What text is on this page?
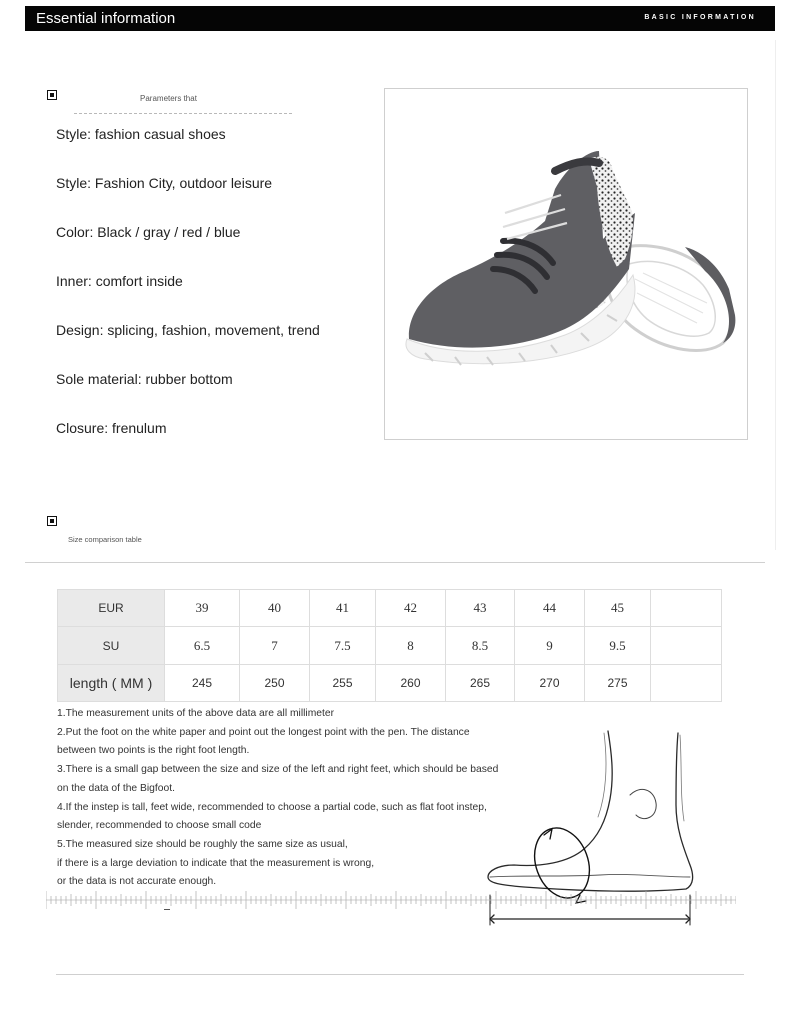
Essential information	BASIC INFORMATION
Parameters that
Style: fashion casual shoes
Style: Fashion City, outdoor leisure
Color: Black / gray / red / blue
Inner: comfort inside
Design: splicing, fashion, movement, trend
Sole material: rubber bottom
Closure: frenulum
Size comparison table
EUR	39	40	41	42	43	44	45	
SU	6.5	7	7.5	8	8.5	9	9.5	
length ( MM )	245	250	255	260	265	270	275	

1.The measurement units of the above data are all millimeter

2.Put the foot on the white paper and point out the longest point with the pen. The distance between two points is the right foot length.

3.There is a small gap between the size and size of the left and right feet, which should be based on the data of the Bigfoot.

4.If the instep is tall, feet wide, recommended to choose a partial code, such as flat foot instep, slender, recommended to choose small code

5.The measured size should be roughly the same size as usual,

if there is a large deviation to indicate that the measurement is wrong,

or the data is not accurate enough.
